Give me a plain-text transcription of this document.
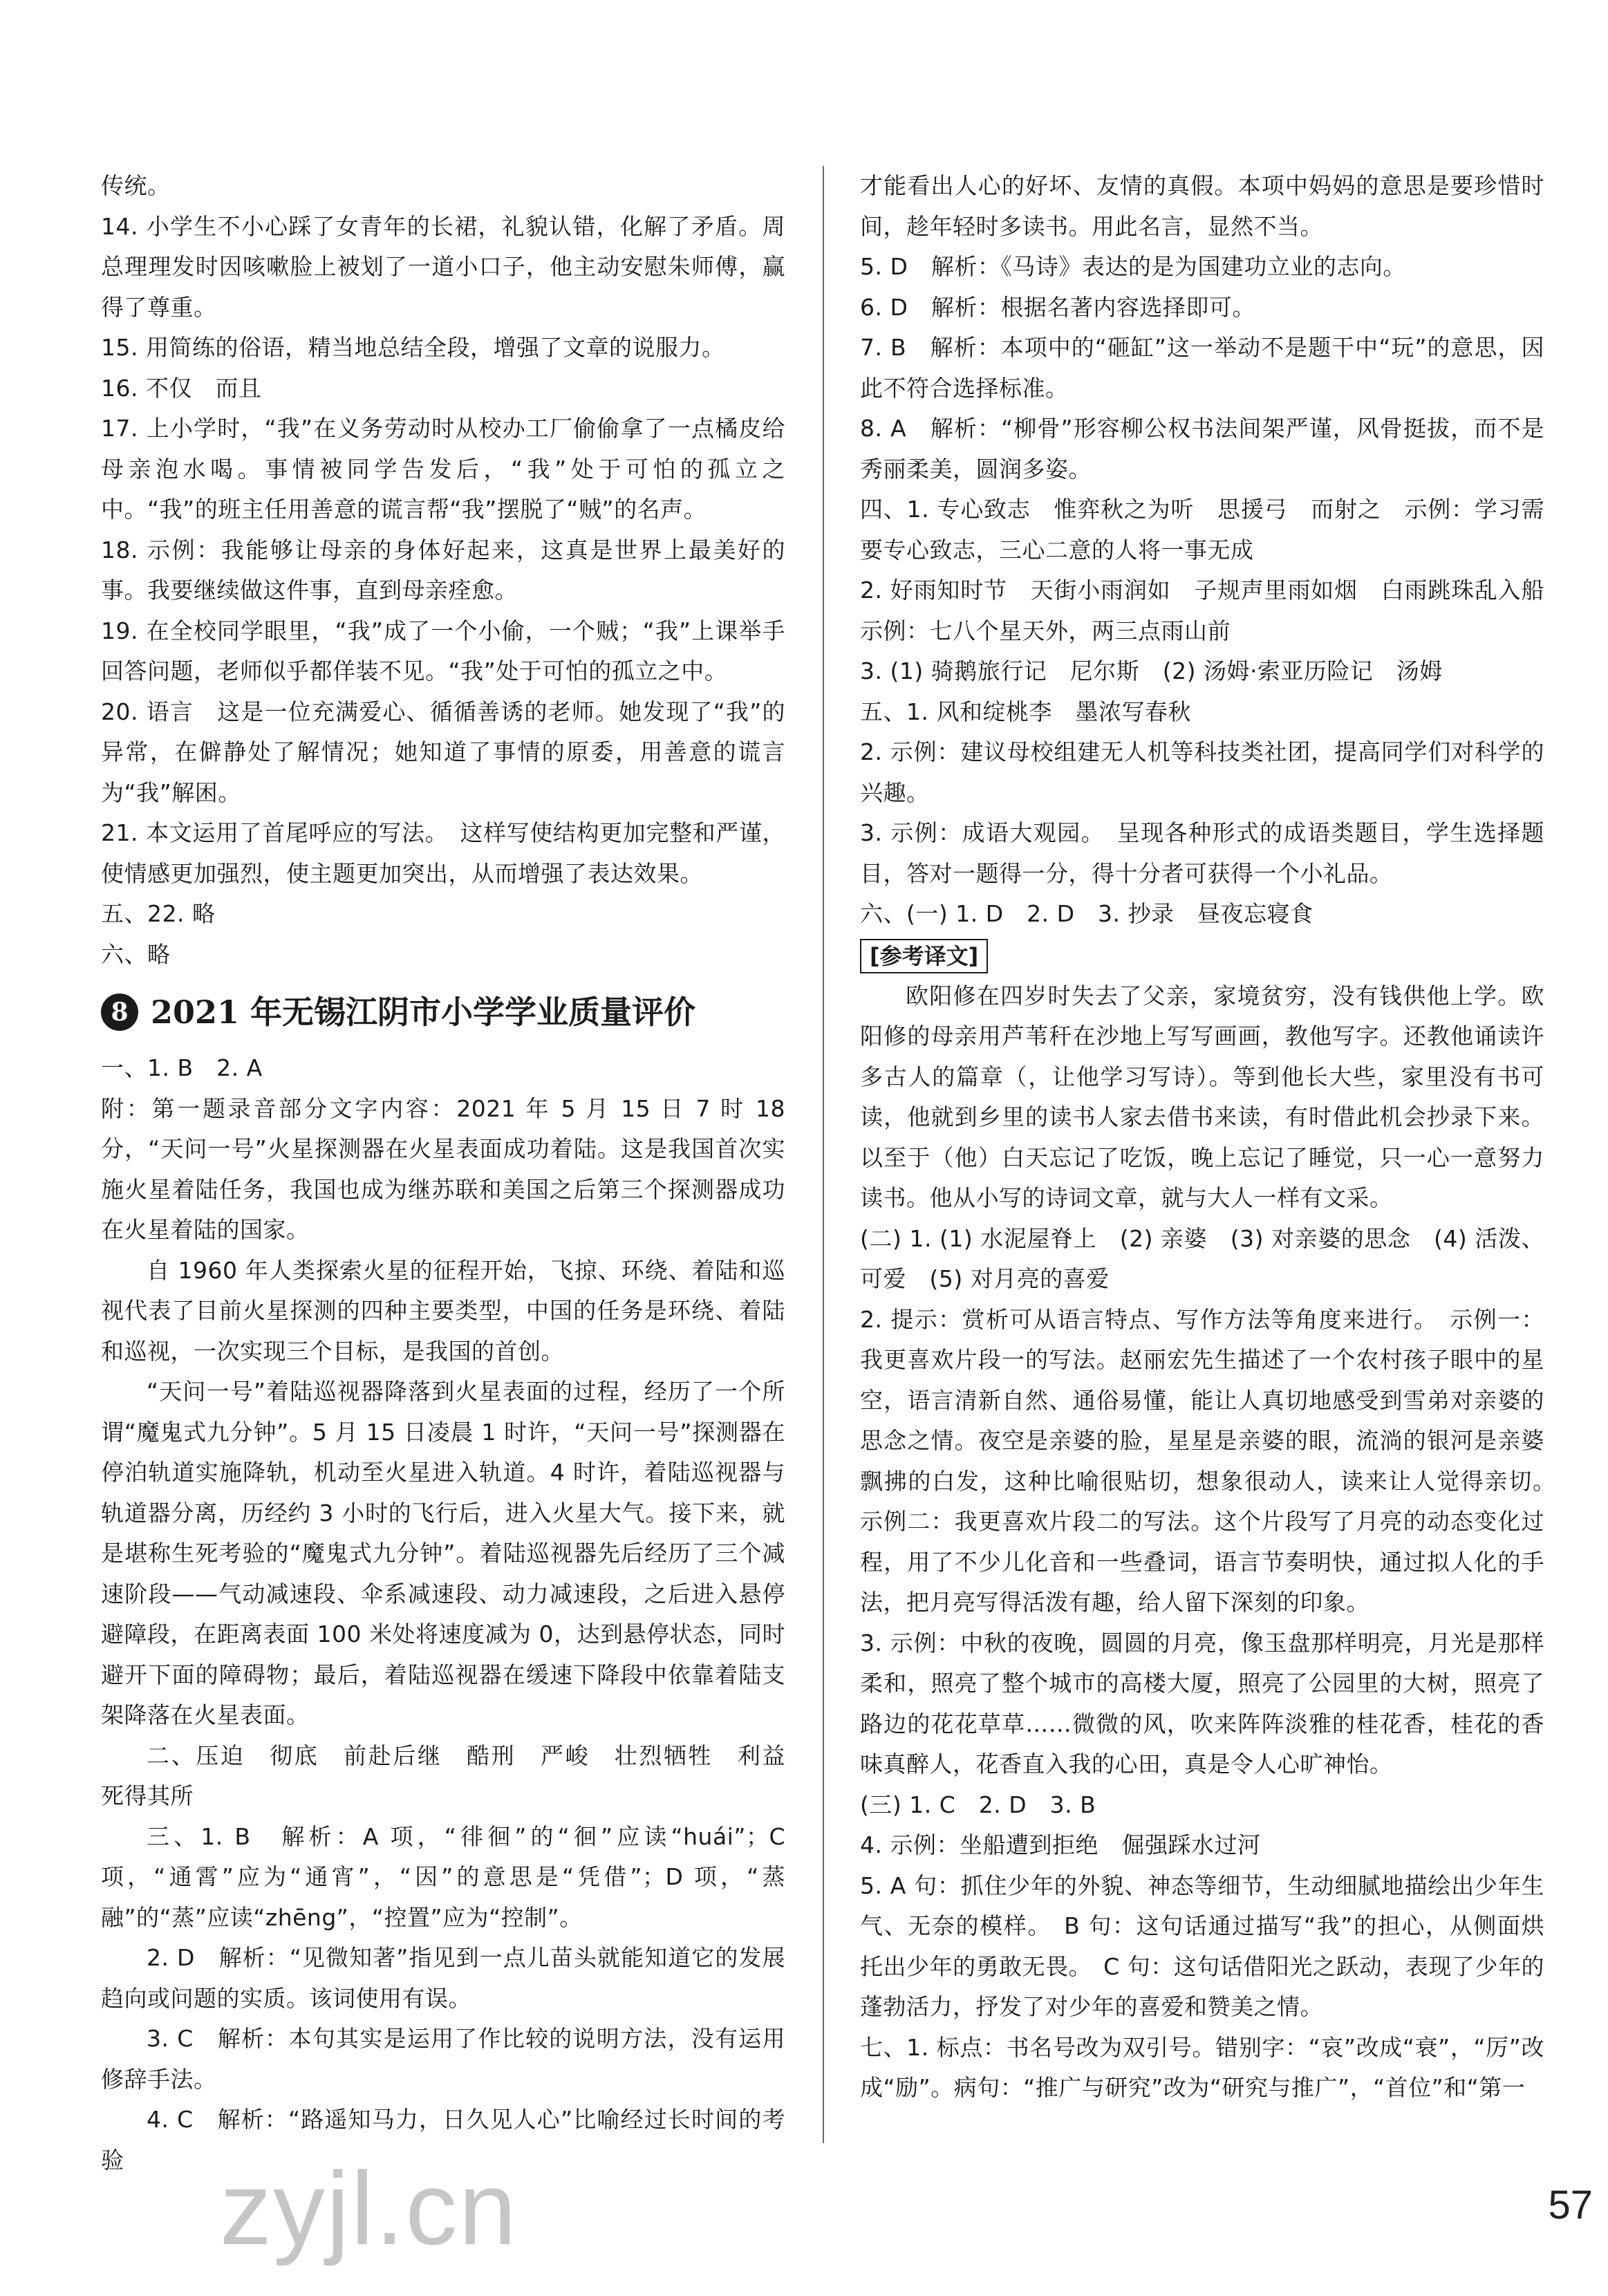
传统。

14. 小学生不小心踩了女青年的长裙，礼貌认错，化解了矛盾。周总理理发时因咳嗽脸上被划了一道小口子，他主动安慰朱师傅，赢得了尊重。

15. 用简练的俗语，精当地总结全段，增强了文章的说服力。

16. 不仅　而且

17. 上小学时，“我”在义务劳动时从校办工厂偷偷拿了一点橘皮给母亲泡水喝。事情被同学告发后，“我”处于可怕的孤立之中。“我”的班主任用善意的谎言帮“我”摆脱了“贼”的名声。

18. 示例：我能够让母亲的身体好起来，这真是世界上最美好的事。我要继续做这件事，直到母亲痊愈。

19. 在全校同学眼里，“我”成了一个小偷，一个贼；“我”上课举手回答问题，老师似乎都佯装不见。“我”处于可怕的孤立之中。

20. 语言　这是一位充满爱心、循循善诱的老师。她发现了“我”的异常，在僻静处了解情况；她知道了事情的原委，用善意的谎言为“我”解困。

21. 本文运用了首尾呼应的写法。　这样写使结构更加完整和严谨，使情感更加强烈，使主题更加突出，从而增强了表达效果。

五、22. 略

六、略

8 2021 年无锡江阴市小学学业质量评价

一、1. B　2. A

附：第一题录音部分文字内容：2021 年 5 月 15 日 7 时 18 分，“天问一号”火星探测器在火星表面成功着陆。这是我国首次实施火星着陆任务，我国也成为继苏联和美国之后第三个探测器成功在火星着陆的国家。

自 1960 年人类探索火星的征程开始，飞掠、环绕、着陆和巡视代表了目前火星探测的四种主要类型，中国的任务是环绕、着陆和巡视，一次实现三个目标，是我国的首创。

“天问一号”着陆巡视器降落到火星表面的过程，经历了一个所谓“魔鬼式九分钟”。5 月 15 日凌晨 1 时许，“天问一号”探测器在停泊轨道实施降轨，机动至火星进入轨道。4 时许，着陆巡视器与轨道器分离，历经约 3 小时的飞行后，进入火星大气。接下来，就是堪称生死考验的“魔鬼式九分钟”。着陆巡视器先后经历了三个减速阶段——气动减速段、伞系减速段、动力减速段，之后进入悬停避障段，在距离表面 100 米处将速度减为 0，达到悬停状态，同时避开下面的障碍物；最后，着陆巡视器在缓速下降段中依靠着陆支架降落在火星表面。

二、压迫　彻底　前赴后继　酷刑　严峻　壮烈牺牲　利益　死得其所

三、1. B　解析：A 项，“徘徊”的“徊”应读“huái”；C 项，“通霄”应为“通宵”，“因”的意思是“凭借”；D 项，“蒸融”的“蒸”应读“zhēng”，“控置”应为“控制”。

2. D　解析：“见微知著”指见到一点儿苗头就能知道它的发展趋向或问题的实质。该词使用有误。

3. C　解析：本句其实是运用了作比较的说明方法，没有运用修辞手法。

4. C　解析：“路遥知马力，日久见人心”比喻经过长时间的考验

才能看出人心的好坏、友情的真假。本项中妈妈的意思是要珍惜时间，趁年轻时多读书。用此名言，显然不当。

5. D　解析：《马诗》表达的是为国建功立业的志向。

6. D　解析：根据名著内容选择即可。

7. B　解析：本项中的“砸缸”这一举动不是题干中“玩”的意思，因此不符合选择标准。

8. A　解析：“柳骨”形容柳公权书法间架严谨，风骨挺拔，而不是秀丽柔美，圆润多姿。

四、1. 专心致志　惟弈秋之为听　思援弓　而射之　示例：学习需要专心致志，三心二意的人将一事无成

2. 好雨知时节　天街小雨润如　子规声里雨如烟　白雨跳珠乱入船　示例：七八个星天外，两三点雨山前

3. (1) 骑鹅旅行记　尼尔斯　(2) 汤姆·索亚历险记　汤姆

五、1. 风和绽桃李　墨浓写春秋

2. 示例：建议母校组建无人机等科技类社团，提高同学们对科学的兴趣。

3. 示例：成语大观园。　呈现各种形式的成语类题目，学生选择题目，答对一题得一分，得十分者可获得一个小礼品。

六、(一) 1. D　2. D　3. 抄录　昼夜忘寝食

[参考译文]

欧阳修在四岁时失去了父亲，家境贫穷，没有钱供他上学。欧阳修的母亲用芦苇秆在沙地上写写画画，教他写字。还教他诵读许多古人的篇章（，让他学习写诗）。等到他长大些，家里没有书可读，他就到乡里的读书人家去借书来读，有时借此机会抄录下来。以至于（他）白天忘记了吃饭，晚上忘记了睡觉，只一心一意努力读书。他从小写的诗词文章，就与大人一样有文采。

(二) 1. (1) 水泥屋脊上　(2) 亲婆　(3) 对亲婆的思念　(4) 活泼、可爱　(5) 对月亮的喜爱

2. 提示：赏析可从语言特点、写作方法等角度来进行。　示例一：我更喜欢片段一的写法。赵丽宏先生描述了一个农村孩子眼中的星空，语言清新自然、通俗易懂，能让人真切地感受到雪弟对亲婆的思念之情。夜空是亲婆的脸，星星是亲婆的眼，流淌的银河是亲婆飘拂的白发，这种比喻很贴切，想象很动人，读来让人觉得亲切。　示例二：我更喜欢片段二的写法。这个片段写了月亮的动态变化过程，用了不少儿化音和一些叠词，语言节奏明快，通过拟人化的手法，把月亮写得活泼有趣，给人留下深刻的印象。

3. 示例：中秋的夜晚，圆圆的月亮，像玉盘那样明亮，月光是那样柔和，照亮了整个城市的高楼大厦，照亮了公园里的大树，照亮了路边的花花草草……微微的风，吹来阵阵淡雅的桂花香，桂花的香味真醉人，花香直入我的心田，真是令人心旷神怡。

(三) 1. C　2. D　3. B

4. 示例：坐船遭到拒绝　倔强踩水过河

5. A 句：抓住少年的外貌、神态等细节，生动细腻地描绘出少年生气、无奈的模样。　B 句：这句话通过描写“我”的担心，从侧面烘托出少年的勇敢无畏。　C 句：这句话借阳光之跃动，表现了少年的蓬勃活力，抒发了对少年的喜爱和赞美之情。

七、1. 标点：书名号改为双引号。错别字：“哀”改成“衰”，“厉”改成“励”。病句：“推广与研究”改为“研究与推广”，“首位”和“第一

57
zyjl.cn
